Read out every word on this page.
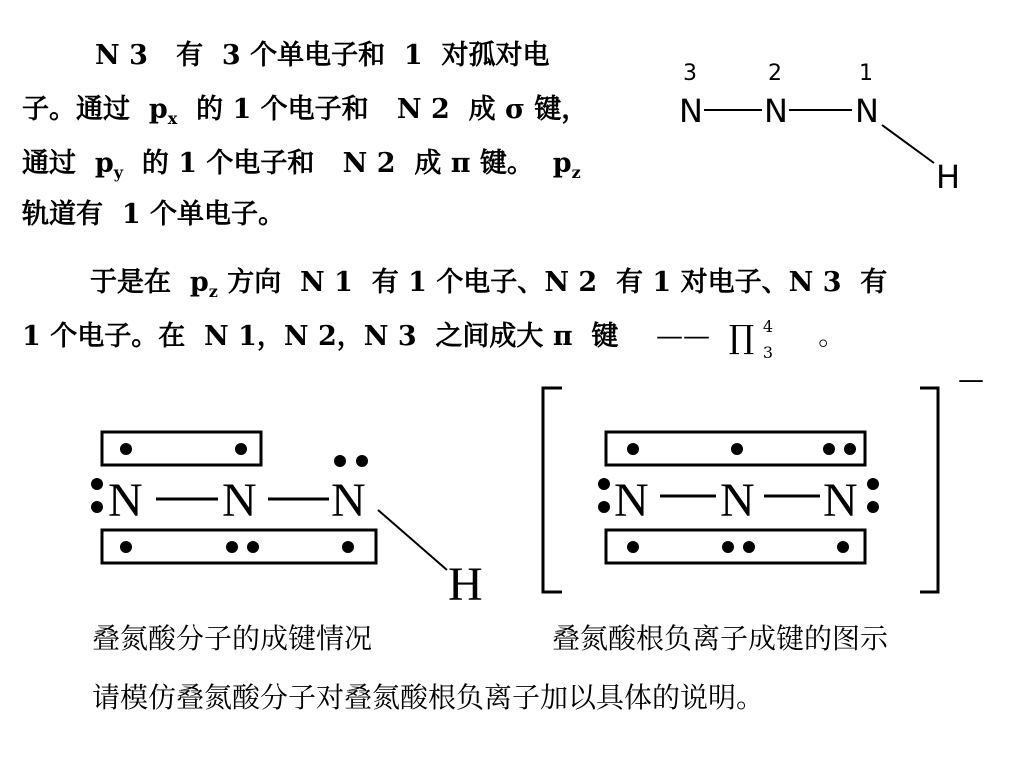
N 3 有 3 个单电子和 1 对孤对电
子。通过 $p_x$ 的 1 个电子和 N 2 成 σ 键，
通过 $p_y$ 的 1 个电子和 N 2 成 π 键。 $p_z$
轨道有 1 个单电子。
于是在 $p_z$ 方向 N 1 有 1 个电子、N 2 有 1 对电子、N 3 有
1 个电子。在 N 1，N 2，N 3 之间成大 π 键 —— ∏ 4
3
。
3	2	1
N N N
H
N N N
H
—
N N N
叠氮酸分子的成键情况	叠氮酸根负离子成键的图示
请模仿叠氮酸分子对叠氮酸根负离子加以具体的说明。
